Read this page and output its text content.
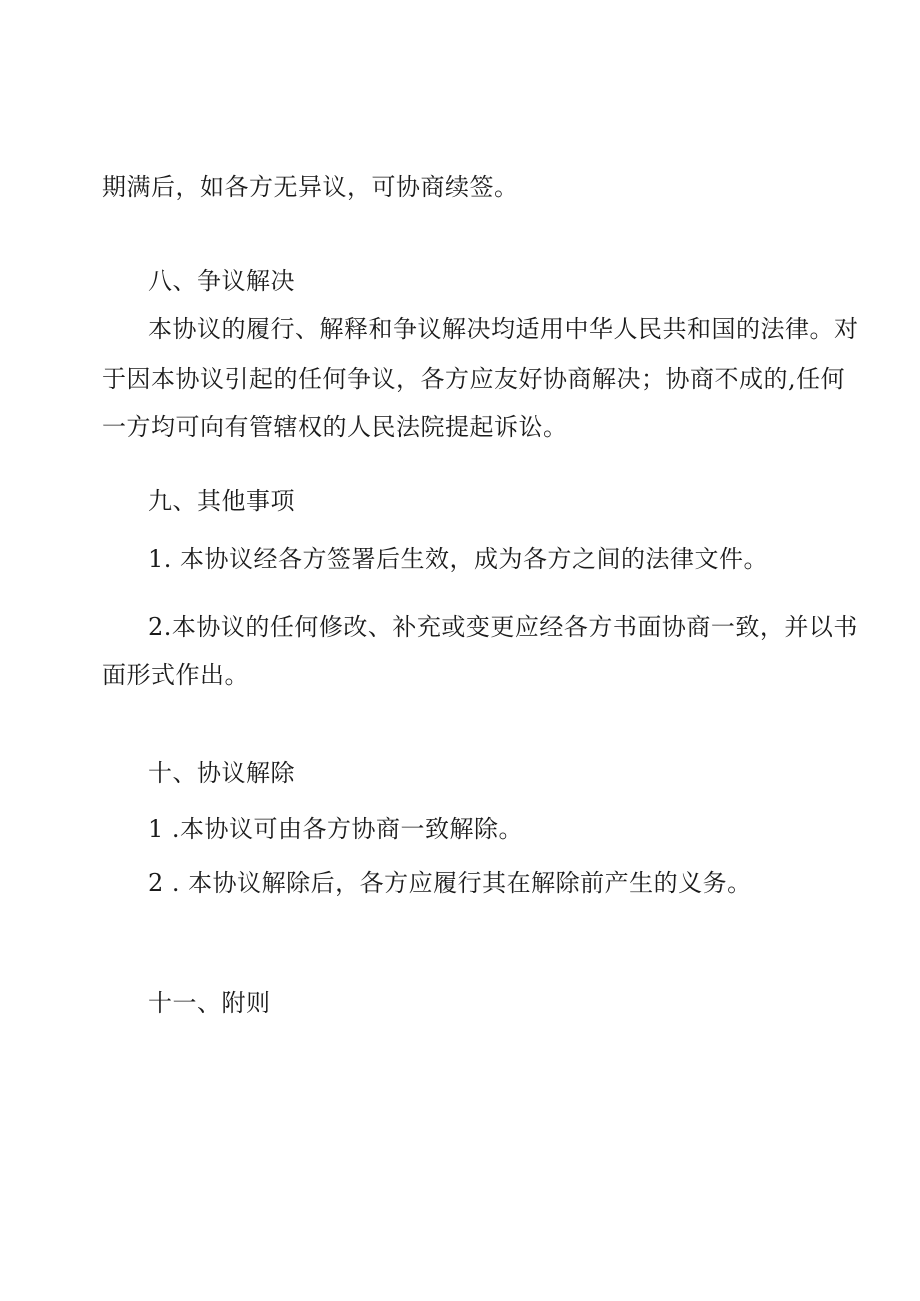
期满后，如各方无异议，可协商续签。
八、争议解决
本协议的履行、解释和争议解决均适用中华人民共和国的法律。对
于因本协议引起的任何争议，各方应友好协商解决；协商不成的,任何
一方均可向有管辖权的人民法院提起诉讼。
九、其他事项
1. 本协议经各方签署后生效，成为各方之间的法律文件。
2.本协议的任何修改、补充或变更应经各方书面协商一致，并以书
面形式作出。
十、协议解除
1 .本协议可由各方协商一致解除。
2 . 本协议解除后，各方应履行其在解除前产生的义务。
十一、附则
